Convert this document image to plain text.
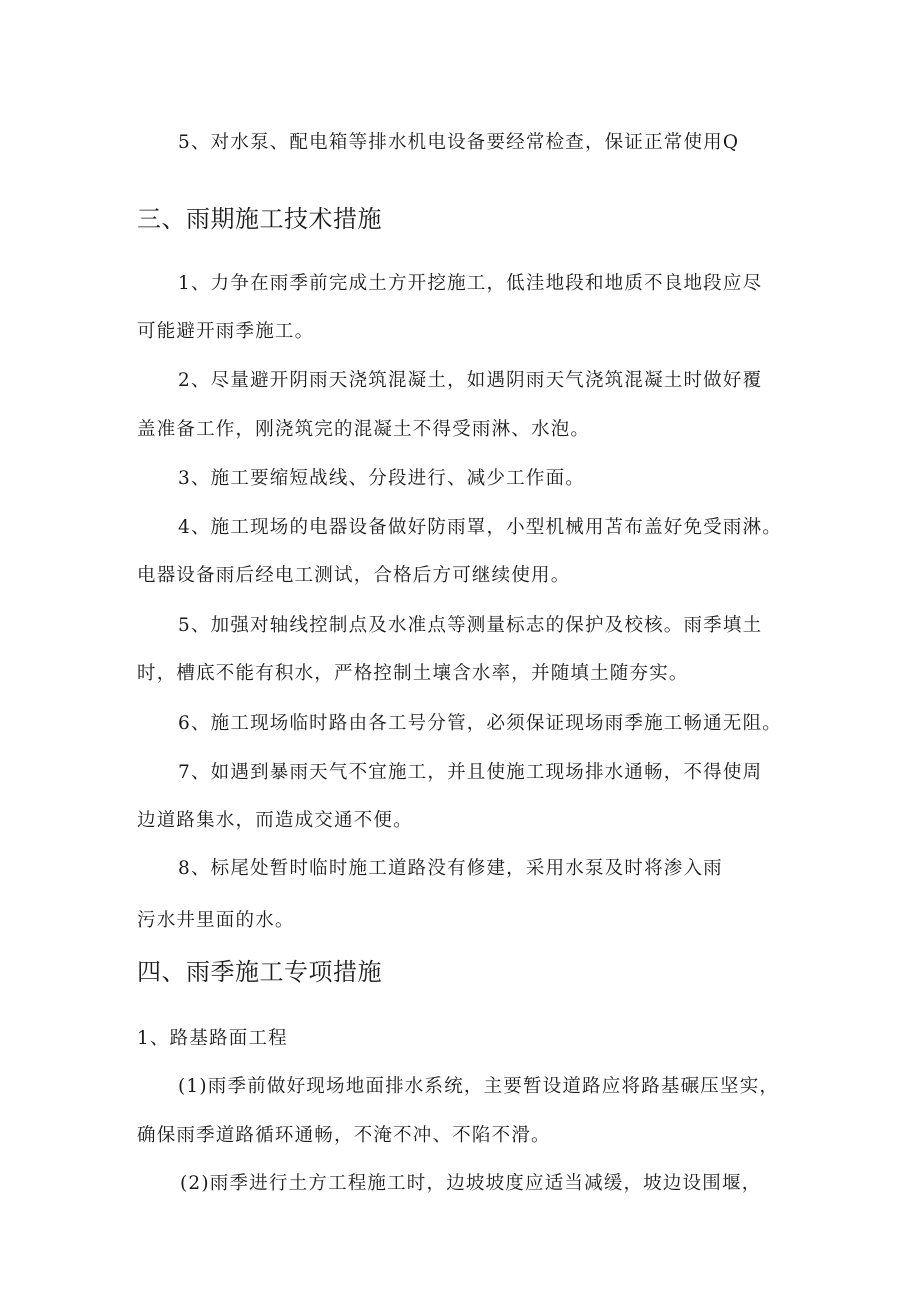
5、对水泵、配电箱等排水机电设备要经常检查，保证正常使用Q
三、雨期施工技术措施
1、力争在雨季前完成土方开挖施工，低洼地段和地质不良地段应尽
可能避开雨季施工。
2、尽量避开阴雨天浇筑混凝土，如遇阴雨天气浇筑混凝土时做好覆
盖准备工作，刚浇筑完的混凝土不得受雨淋、水泡。
3、施工要缩短战线、分段进行、减少工作面。
4、施工现场的电器设备做好防雨罩，小型机械用苫布盖好免受雨淋。
电器设备雨后经电工测试，合格后方可继续使用。
5、加强对轴线控制点及水准点等测量标志的保护及校核。雨季填土
时，槽底不能有积水，严格控制土壤含水率，并随填土随夯实。
6、施工现场临时路由各工号分管，必须保证现场雨季施工畅通无阻。
7、如遇到暴雨天气不宜施工，并且使施工现场排水通畅，不得使周
边道路集水，而造成交通不便。
8、标尾处暂时临时施工道路没有修建，采用水泵及时将渗入雨
污水井里面的水。
四、雨季施工专项措施
1、路基路面工程
(1)雨季前做好现场地面排水系统，主要暂设道路应将路基碾压坚实，
确保雨季道路循环通畅，不淹不冲、不陷不滑。
(2)雨季进行土方工程施工时，边坡坡度应适当减缓，坡边设围堰，
